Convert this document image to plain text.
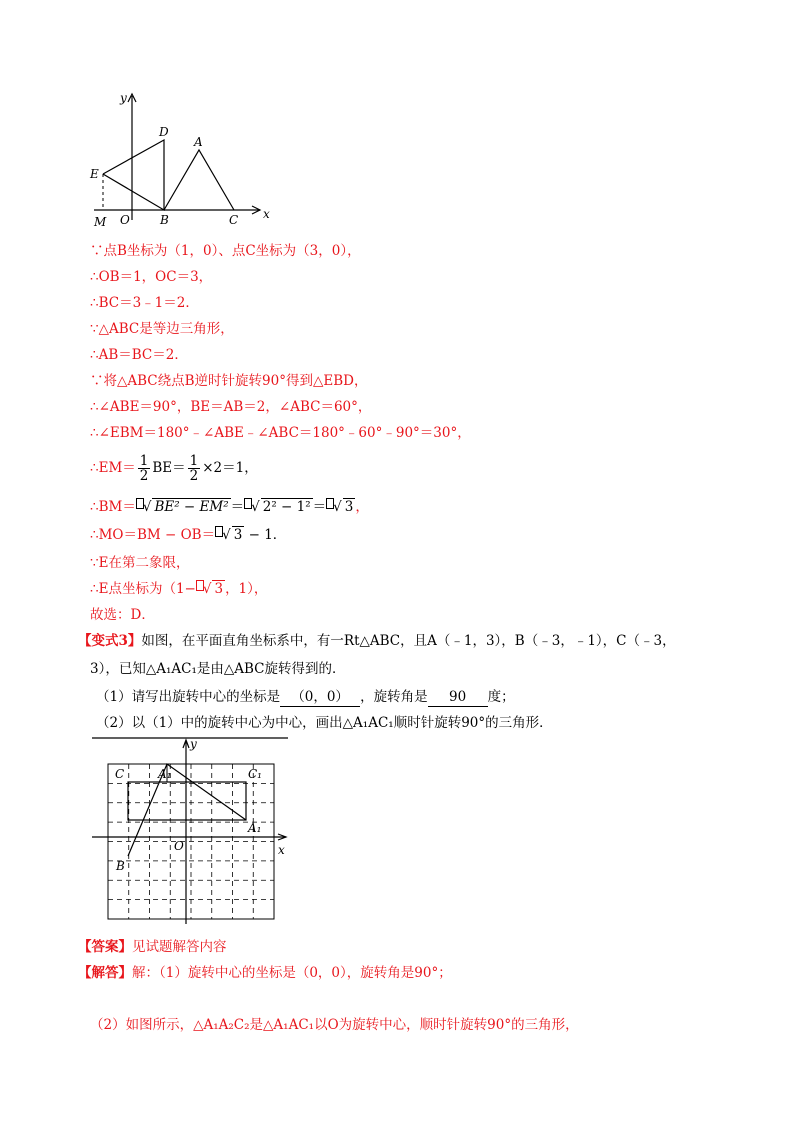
y
x
D
A
E
M O	B	C
∵点B坐标为（1，0）、点C坐标为（3，0），
∴OB＝1，OC＝3，
∴BC＝3﹣1＝2．
∵△ABC是等边三角形，
∴AB＝BC＝2．
∵将△ABC绕点B逆时针旋转90°得到△EBD，
∴∠ABE＝90°，BE＝AB＝2，∠ABC＝60°，
∴∠EBM＝180°﹣∠ABE﹣∠ABC＝180°﹣60°﹣90°＝30°，
∴EM＝ $\frac{1}{2} BE= \frac{1}{2} \times 2=1$，
∴BM＝ √ BE² − EM² ＝ √ 2² − 1² ＝ √ 3 ，
∴MO＝BM − OB＝ √ 3 − 1．
∵E在第二象限，
∴E点坐标为（1− √ 3 ，1），
故选：D．
【变式3】如图，在平面直角坐标系中，有一Rt△ABC，且A（﹣1，3），B（﹣3，﹣1），C（﹣3，
3），已知△A₁AC₁是由△ABC旋转得到的．
（1）请写出旋转中心的坐标是 （0，0） ，旋转角是 90 度；
（2）以（1）中的旋转中心为中心，画出△A₁AC₁顺时针旋转90°的三角形．
C	A₁	C₁
A₁
O
B
y
x
【答案】见试题解答内容
【解答】解：（1）旋转中心的坐标是（0，0），旋转角是90°；
（2）如图所示，△A₁A₂C₂是△A₁AC₁以O为旋转中心，顺时针旋转90°的三角形，
